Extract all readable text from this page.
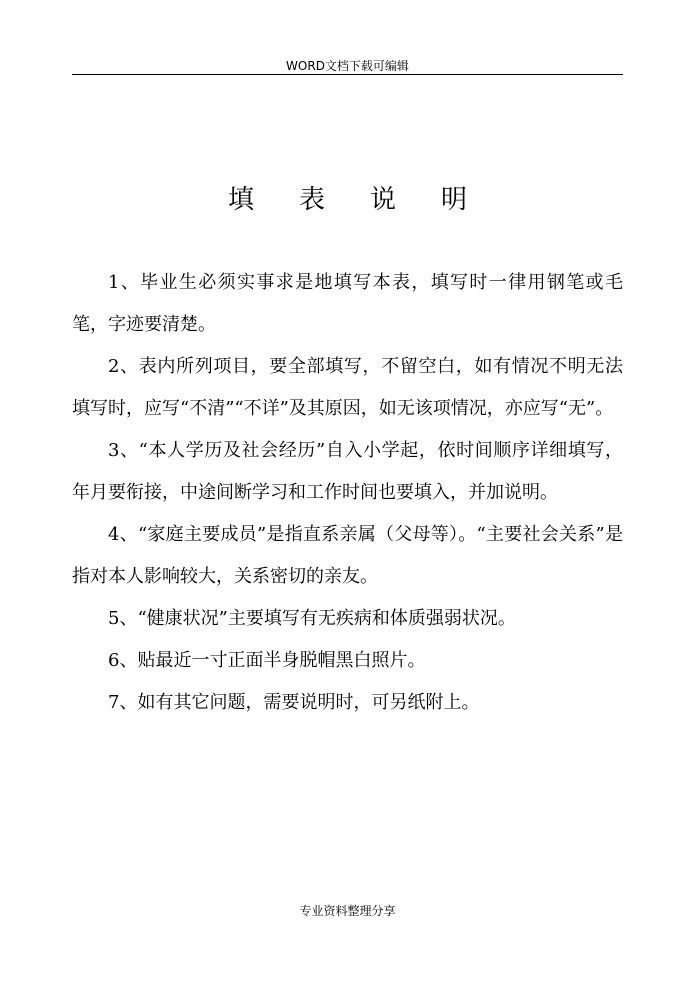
WORD文档下载可编辑
填表说明

1、毕业生必须实事求是地填写本表，填写时一律用钢笔或毛笔，字迹要清楚。

2、表内所列项目，要全部填写，不留空白，如有情况不明无法填写时，应写“不清”“不详”及其原因，如无该项情况，亦应写“无”。

3、“本人学历及社会经历”自入小学起，依时间顺序详细填写，年月要衔接，中途间断学习和工作时间也要填入，并加说明。

4、“家庭主要成员”是指直系亲属（父母等）。“主要社会关系”是指对本人影响较大，关系密切的亲友。

5、“健康状况”主要填写有无疾病和体质强弱状况。

6、贴最近一寸正面半身脱帽黑白照片。

7、如有其它问题，需要说明时，可另纸附上。

专业资料整理分享
